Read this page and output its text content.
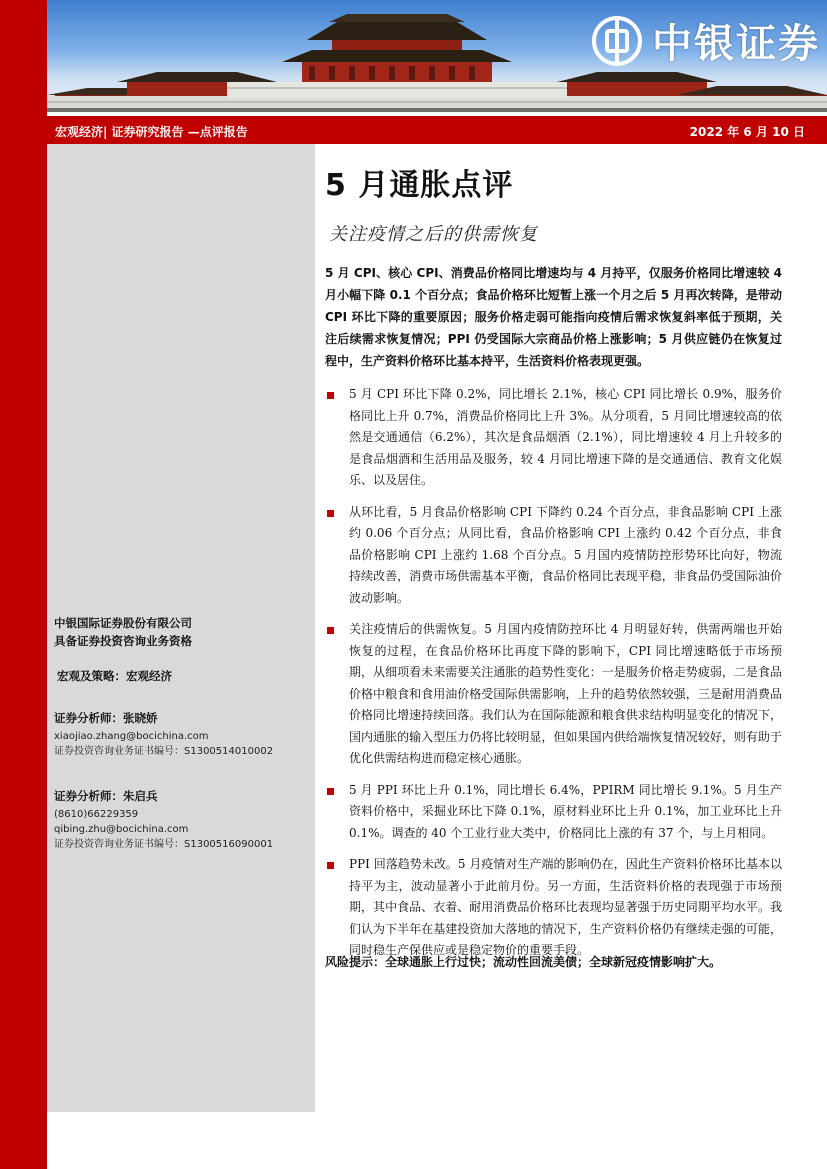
中银证券
宏观经济| 证券研究报告 —点评报告	2022 年 6 月 10 日
中银国际证券股份有限公司
具备证券投资咨询业务资格
宏观及策略：宏观经济
证券分析师：张晓娇
xiaojiao.zhang@bocichina.com
证券投资咨询业务证书编号：S1300514010002
证券分析师：朱启兵
(8610)66229359
qibing.zhu@bocichina.com
证券投资咨询业务证书编号：S1300516090001
5 月通胀点评
关注疫情之后的供需恢复
5 月 CPI、核心 CPI、消费品价格同比增速均与 4 月持平，仅服务价格同比增速较 4 月小幅下降 0.1 个百分点；食品价格环比短暂上涨一个月之后 5 月再次转降，是带动 CPI 环比下降的重要原因；服务价格走弱可能指向疫情后需求恢复斜率低于预期，关注后续需求恢复情况；PPI 仍受国际大宗商品价格上涨影响；5 月供应链仍在恢复过程中，生产资料价格环比基本持平，生活资料价格表现更强。
5 月 CPI 环比下降 0.2%，同比增长 2.1%，核心 CPI 同比增长 0.9%，服务价格同比上升 0.7%，消费品价格同比上升 3%。从分项看，5 月同比增速较高的依然是交通通信（6.2%），其次是食品烟酒（2.1%），同比增速较 4 月上升较多的是食品烟酒和生活用品及服务，较 4 月同比增速下降的是交通通信、教育文化娱乐、以及居住。
从环比看，5 月食品价格影响 CPI 下降约 0.24 个百分点，非食品影响 CPI 上涨约 0.06 个百分点；从同比看，食品价格影响 CPI 上涨约 0.42 个百分点，非食品价格影响 CPI 上涨约 1.68 个百分点。5 月国内疫情防控形势环比向好，物流持续改善，消费市场供需基本平衡，食品价格同比表现平稳，非食品仍受国际油价波动影响。
关注疫情后的供需恢复。5 月国内疫情防控环比 4 月明显好转，供需两端也开始恢复的过程，在食品价格环比再度下降的影响下，CPI 同比增速略低于市场预期，从细项看未来需要关注通胀的趋势性变化：一是服务价格走势疲弱，二是食品价格中粮食和食用油价格受国际供需影响，上升的趋势依然较强，三是耐用消费品价格同比增速持续回落。我们认为在国际能源和粮食供求结构明显变化的情况下，国内通胀的输入型压力仍将比较明显，但如果国内供给端恢复情况较好，则有助于优化供需结构进而稳定核心通胀。
5 月 PPI 环比上升 0.1%，同比增长 6.4%，PPIRM 同比增长 9.1%。5 月生产资料价格中，采掘业环比下降 0.1%，原材料业环比上升 0.1%，加工业环比上升 0.1%。调查的 40 个工业行业大类中，价格同比上涨的有 37 个，与上月相同。
PPI 回落趋势未改。5 月疫情对生产端的影响仍在，因此生产资料价格环比基本以持平为主，波动显著小于此前月份。另一方面，生活资料价格的表现强于市场预期，其中食品、衣着、耐用消费品价格环比表现均显著强于历史同期平均水平。我们认为下半年在基建投资加大落地的情况下，生产资料价格仍有继续走强的可能，同时稳生产保供应或是稳定物价的重要手段。
风险提示：全球通胀上行过快；流动性回流美债；全球新冠疫情影响扩大。
